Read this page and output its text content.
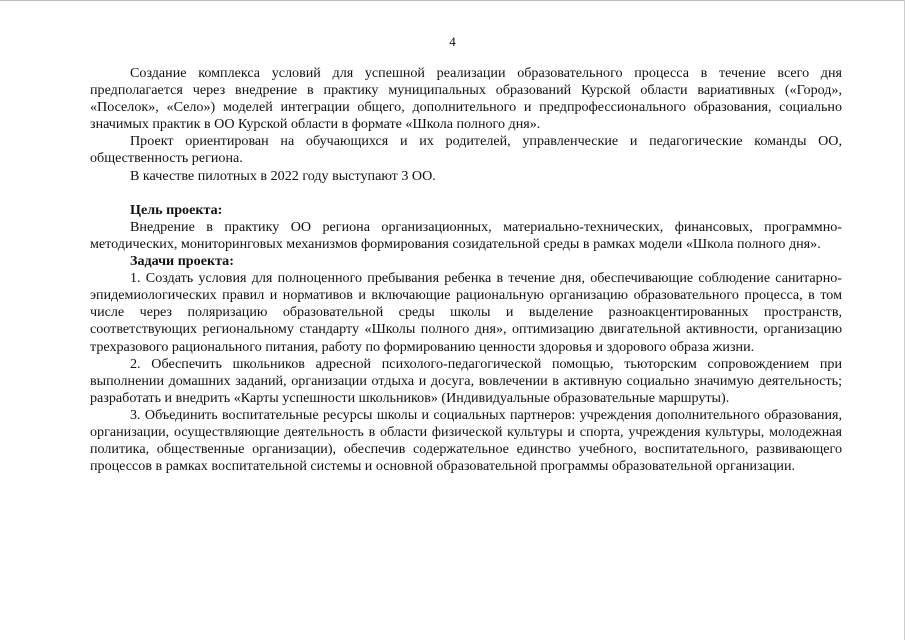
4

Создание комплекса условий для успешной реализации образовательного процесса в течение всего дня предполагается через внедрение в практику муниципальных образований Курской области вариативных («Город», «Поселок», «Село») моделей интеграции общего, дополнительного и предпрофессионального образования, социально значимых практик в ОО Курской области в формате «Школа полного дня».

Проект ориентирован на обучающихся и их родителей, управленческие и педагогические команды ОО, общественность региона.

В качестве пилотных в 2022 году выступают 3 ОО.

Цель проекта:

Внедрение в практику ОО региона организационных, материально-технических, финансовых, программно-методических, мониторинговых механизмов формирования созидательной среды в рамках модели «Школа полного дня».

Задачи проекта:

1. Создать условия для полноценного пребывания ребенка в течение дня, обеспечивающие соблюдение санитарно-эпидемиологических правил и нормативов и включающие рациональную организацию образовательного процесса, в том числе через поляризацию образовательной среды школы и выделение разноакцентированных пространств, соответствующих региональному стандарту «Школы полного дня», оптимизацию двигательной активности, организацию трехразового рационального питания, работу по формированию ценности здоровья и здорового образа жизни.

2. Обеспечить школьников адресной психолого-педагогической помощью, тьюторским сопровождением при выполнении домашних заданий, организации отдыха и досуга, вовлечении в активную социально значимую деятельность; разработать и внедрить «Карты успешности школьников» (Индивидуальные образовательные маршруты).

3. Объединить воспитательные ресурсы школы и социальных партнеров: учреждения дополнительного образования, организации, осуществляющие деятельность в области физической культуры и спорта, учреждения культуры, молодежная политика, общественные организации), обеспечив содержательное единство учебного, воспитательного, развивающего процессов в рамках воспитательной системы и основной образовательной программы образовательной организации.
